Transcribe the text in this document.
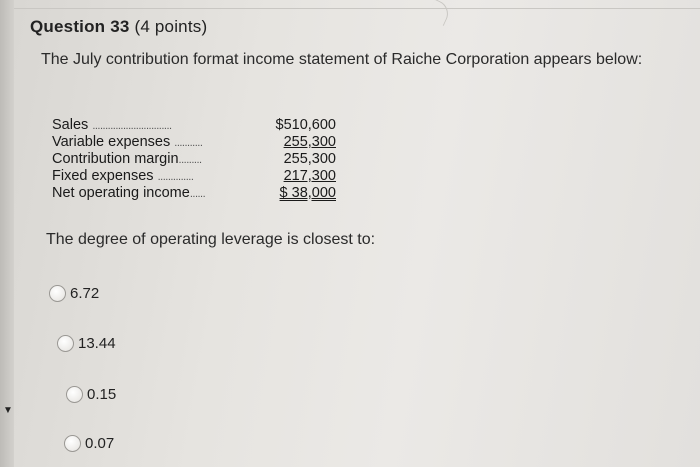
▼
Question 33 (4 points)
The July contribution format income statement of Raiche Corporation appears below:
Sales ...............................	$510,600
Variable expenses ...........	255,300
Contribution margin.........	255,300
Fixed expenses ..............	217,300
Net operating income......	$ 38,000
The degree of operating leverage is closest to:
6.72
13.44
0.15
0.07
